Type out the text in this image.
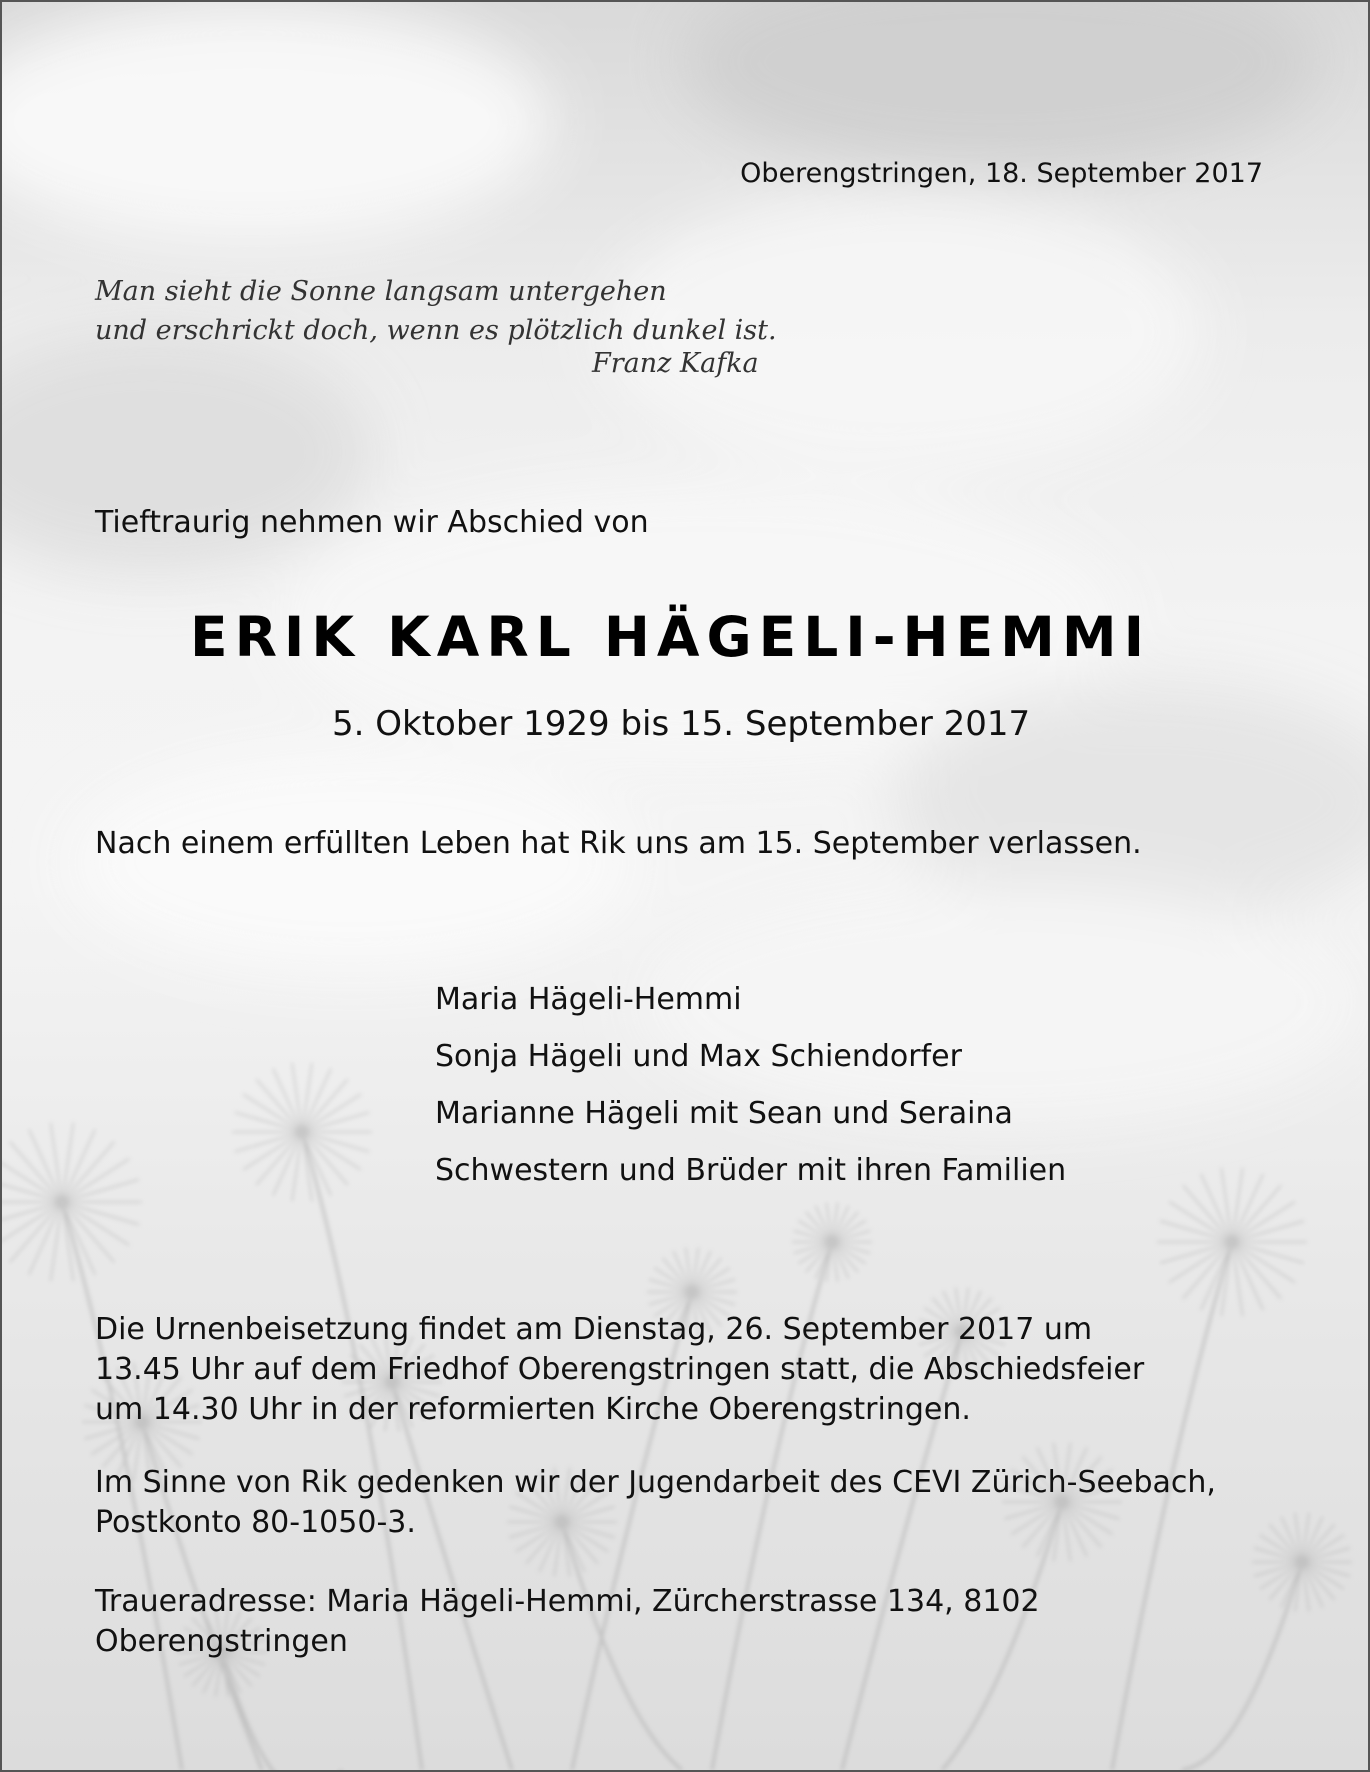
Oberengstringen, 18. September 2017
Man sieht die Sonne langsam untergehen
und erschrickt doch, wenn es plötzlich dunkel ist.
Franz Kafka
Tieftraurig nehmen wir Abschied von
ERIK KARL HÄGELI-HEMMI
5. Oktober 1929 bis 15. September 2017
Nach einem erfüllten Leben hat Rik uns am 15. September verlassen.
Maria Hägeli-Hemmi
Sonja Hägeli und Max Schiendorfer
Marianne Hägeli mit Sean und Seraina
Schwestern und Brüder mit ihren Familien
Die Urnenbeisetzung findet am Dienstag, 26. September 2017 um
13.45 Uhr auf dem Friedhof Oberengstringen statt, die Abschiedsfeier
um 14.30 Uhr in der reformierten Kirche Oberengstringen.
Im Sinne von Rik gedenken wir der Jugendarbeit des CEVI Zürich-Seebach,
Postkonto 80-1050-3.
Traueradresse: Maria Hägeli-Hemmi, Zürcherstrasse 134, 8102 Oberengstringen
